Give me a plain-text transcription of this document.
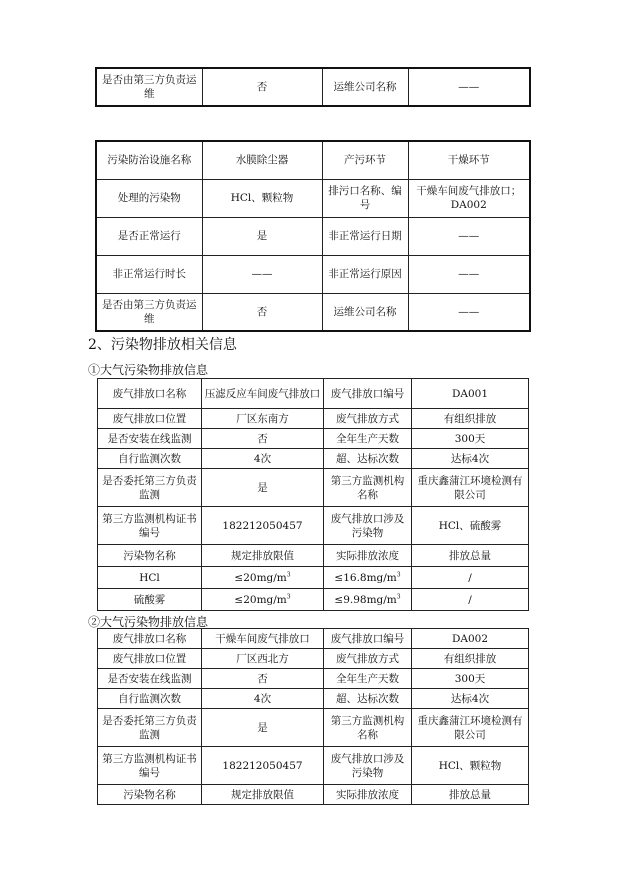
是否由第三方负责运维	否	运维公司名称	——
污染防治设施名称	水膜除尘器	产污环节	干燥环节
处理的污染物	HCl、颗粒物	排污口名称、编号	干燥车间废气排放口；DA002
是否正常运行	是	非正常运行日期	——
非正常运行时长	——	非正常运行原因	——
是否由第三方负责运维	否	运维公司名称	——
2、污染物排放相关信息
①大气污染物排放信息
废气排放口名称	压滤反应车间废气排放口	废气排放口编号	DA001
废气排放口位置	厂区东南方	废气排放方式	有组织排放
是否安装在线监测	否	全年生产天数	300天
自行监测次数	4次	超、达标次数	达标4次
是否委托第三方负责监测	是	第三方监测机构名称	重庆鑫蒲江环境检测有限公司
第三方监测机构证书编号	182212050457	废气排放口涉及污染物	HCl、硫酸雾
污染物名称	规定排放限值	实际排放浓度	排放总量
HCl	$\le 20mg/m^3$	$\le 16.8mg/m^3$	/
硫酸雾	$\le 20mg/m^3$	$\le 9.98mg/m^3$	/
②大气污染物排放信息
废气排放口名称	干燥车间废气排放口	废气排放口编号	DA002
废气排放口位置	厂区西北方	废气排放方式	有组织排放
是否安装在线监测	否	全年生产天数	300天
自行监测次数	4次	超、达标次数	达标4次
是否委托第三方负责监测	是	第三方监测机构名称	重庆鑫蒲江环境检测有限公司
第三方监测机构证书编号	182212050457	废气排放口涉及污染物	HCl、颗粒物
污染物名称	规定排放限值	实际排放浓度	排放总量
